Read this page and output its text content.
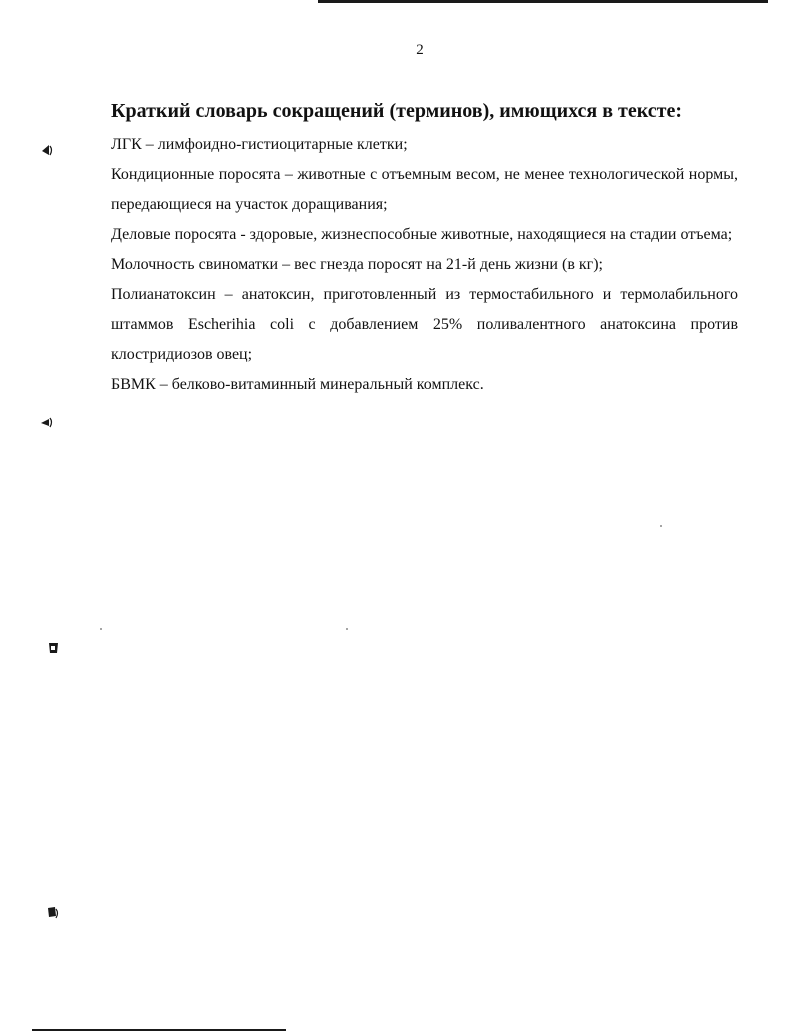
2
Краткий словарь сокращений (терминов), имющихся в тексте:

ЛГК – лимфоидно-гистиоцитарные клетки;

Кондиционные поросята – животные с отъемным весом, не менее технологической нормы, передающиеся на участок доращивания;

Деловые поросята - здоровые, жизнеспособные животные, находящиеся на стадии отъема;

Молочность свиноматки – вес гнезда поросят на 21-й день жизни (в кг);

Полианатоксин – анатоксин, приготовленный из термостабильного и термолабильного штаммов Escherihia coli с добавлением 25% поливалентного анатоксина против клостридиозов овец;

БВМК – белково-витаминный минеральный комплекс.
